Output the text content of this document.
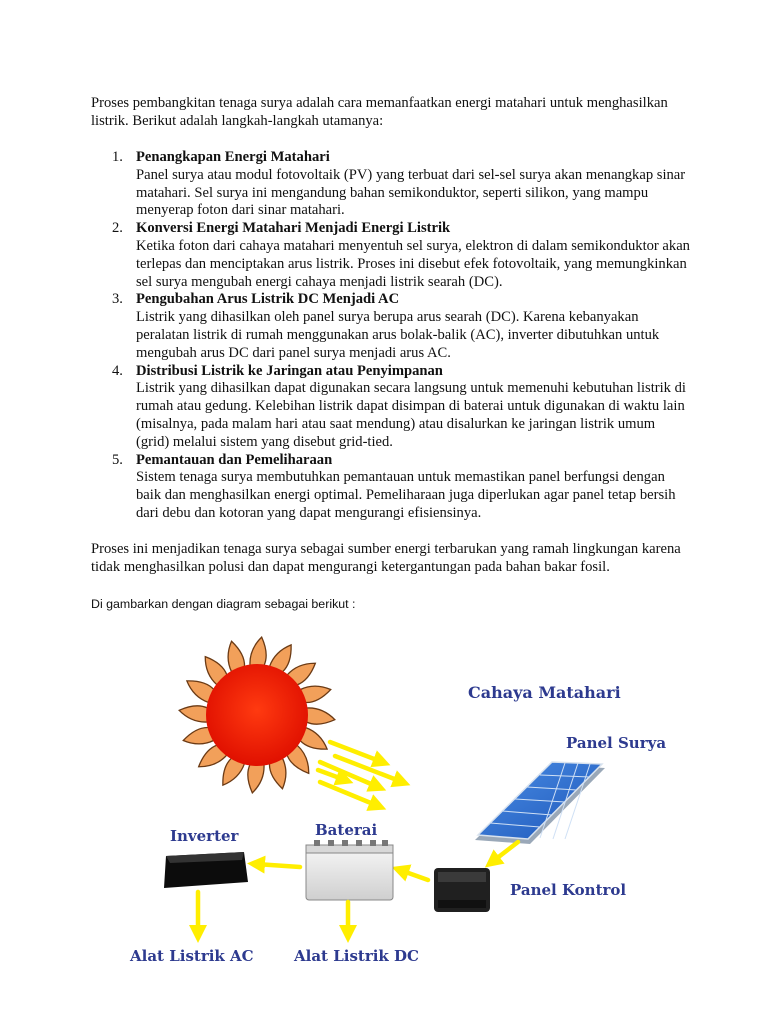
Proses pembangkitan tenaga surya adalah cara memanfaatkan energi matahari untuk menghasilkan listrik. Berikut adalah langkah-langkah utamanya:

1. Penangkapan Energi Matahari
Panel surya atau modul fotovoltaik (PV) yang terbuat dari sel-sel surya akan menangkap sinar matahari. Sel surya ini mengandung bahan semikonduktor, seperti silikon, yang mampu menyerap foton dari sinar matahari.
2. Konversi Energi Matahari Menjadi Energi Listrik
Ketika foton dari cahaya matahari menyentuh sel surya, elektron di dalam semikonduktor akan terlepas dan menciptakan arus listrik. Proses ini disebut efek fotovoltaik, yang memungkinkan sel surya mengubah energi cahaya menjadi listrik searah (DC).
3. Pengubahan Arus Listrik DC Menjadi AC
Listrik yang dihasilkan oleh panel surya berupa arus searah (DC). Karena kebanyakan peralatan listrik di rumah menggunakan arus bolak-balik (AC), inverter dibutuhkan untuk mengubah arus DC dari panel surya menjadi arus AC.
4. Distribusi Listrik ke Jaringan atau Penyimpanan
Listrik yang dihasilkan dapat digunakan secara langsung untuk memenuhi kebutuhan listrik di rumah atau gedung. Kelebihan listrik dapat disimpan di baterai untuk digunakan di waktu lain (misalnya, pada malam hari atau saat mendung) atau disalurkan ke jaringan listrik umum (grid) melalui sistem yang disebut grid-tied.
5. Pemantauan dan Pemeliharaan
Sistem tenaga surya membutuhkan pemantauan untuk memastikan panel berfungsi dengan baik dan menghasilkan energi optimal. Pemeliharaan juga diperlukan agar panel tetap bersih dari debu dan kotoran yang dapat mengurangi efisiensinya.

Proses ini menjadikan tenaga surya sebagai sumber energi terbarukan yang ramah lingkungan karena tidak menghasilkan polusi dan dapat mengurangi ketergantungan pada bahan bakar fosil.

Di gambarkan dengan diagram sebagai berikut :

Cahaya Matahari
Panel Surya
Panel Kontrol
Baterai
Inverter
Alat Listrik AC	Alat Listrik DC
